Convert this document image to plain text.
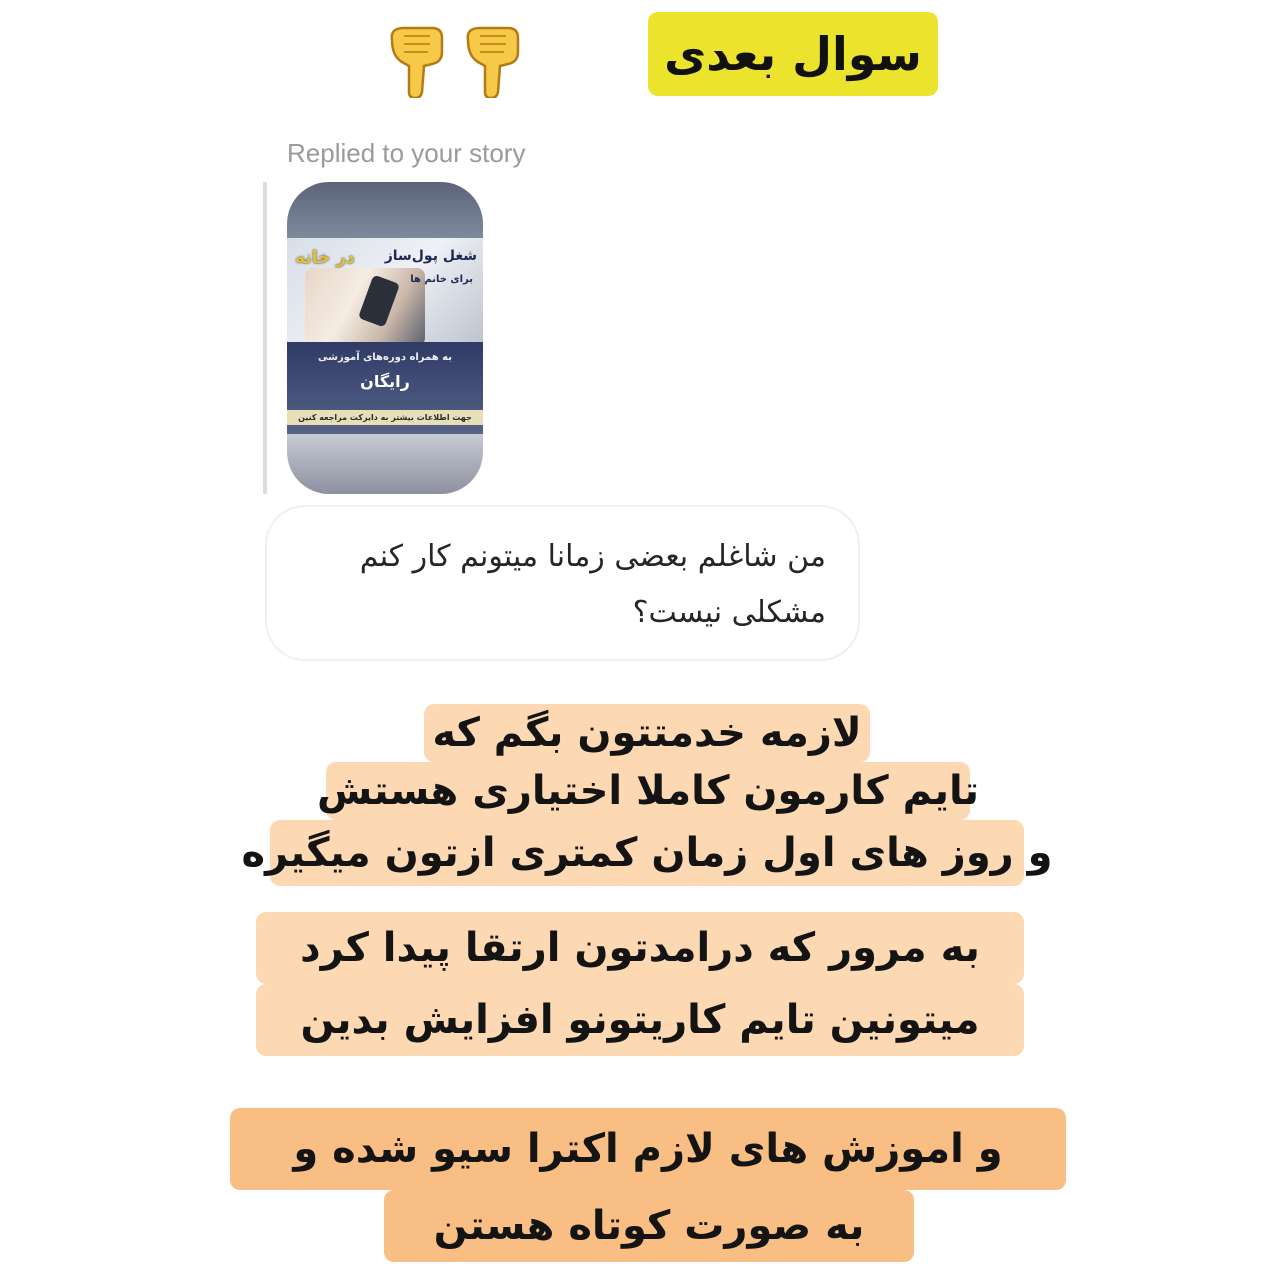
سوال بعدی
Replied to your story
شغل پول‌ساز
در خانه
برای خانم ها
به همراه دوره‌های آموزشی
رایگان
جهت اطلاعات بیشتر به دایرکت مراجعه کنین
من شاغلم بعضی زمانا میتونم کار کنم
مشکلی نیست؟
لازمه خدمتتون بگم که
تایم کارمون کاملا اختیاری هستش
و روز های اول زمان کمتری ازتون میگیره
به مرور که درامدتون ارتقا پیدا کرد
میتونین تایم کاریتونو افزایش بدین
و اموزش های لازم اکترا سیو شده و
به صورت کوتاه هستن
